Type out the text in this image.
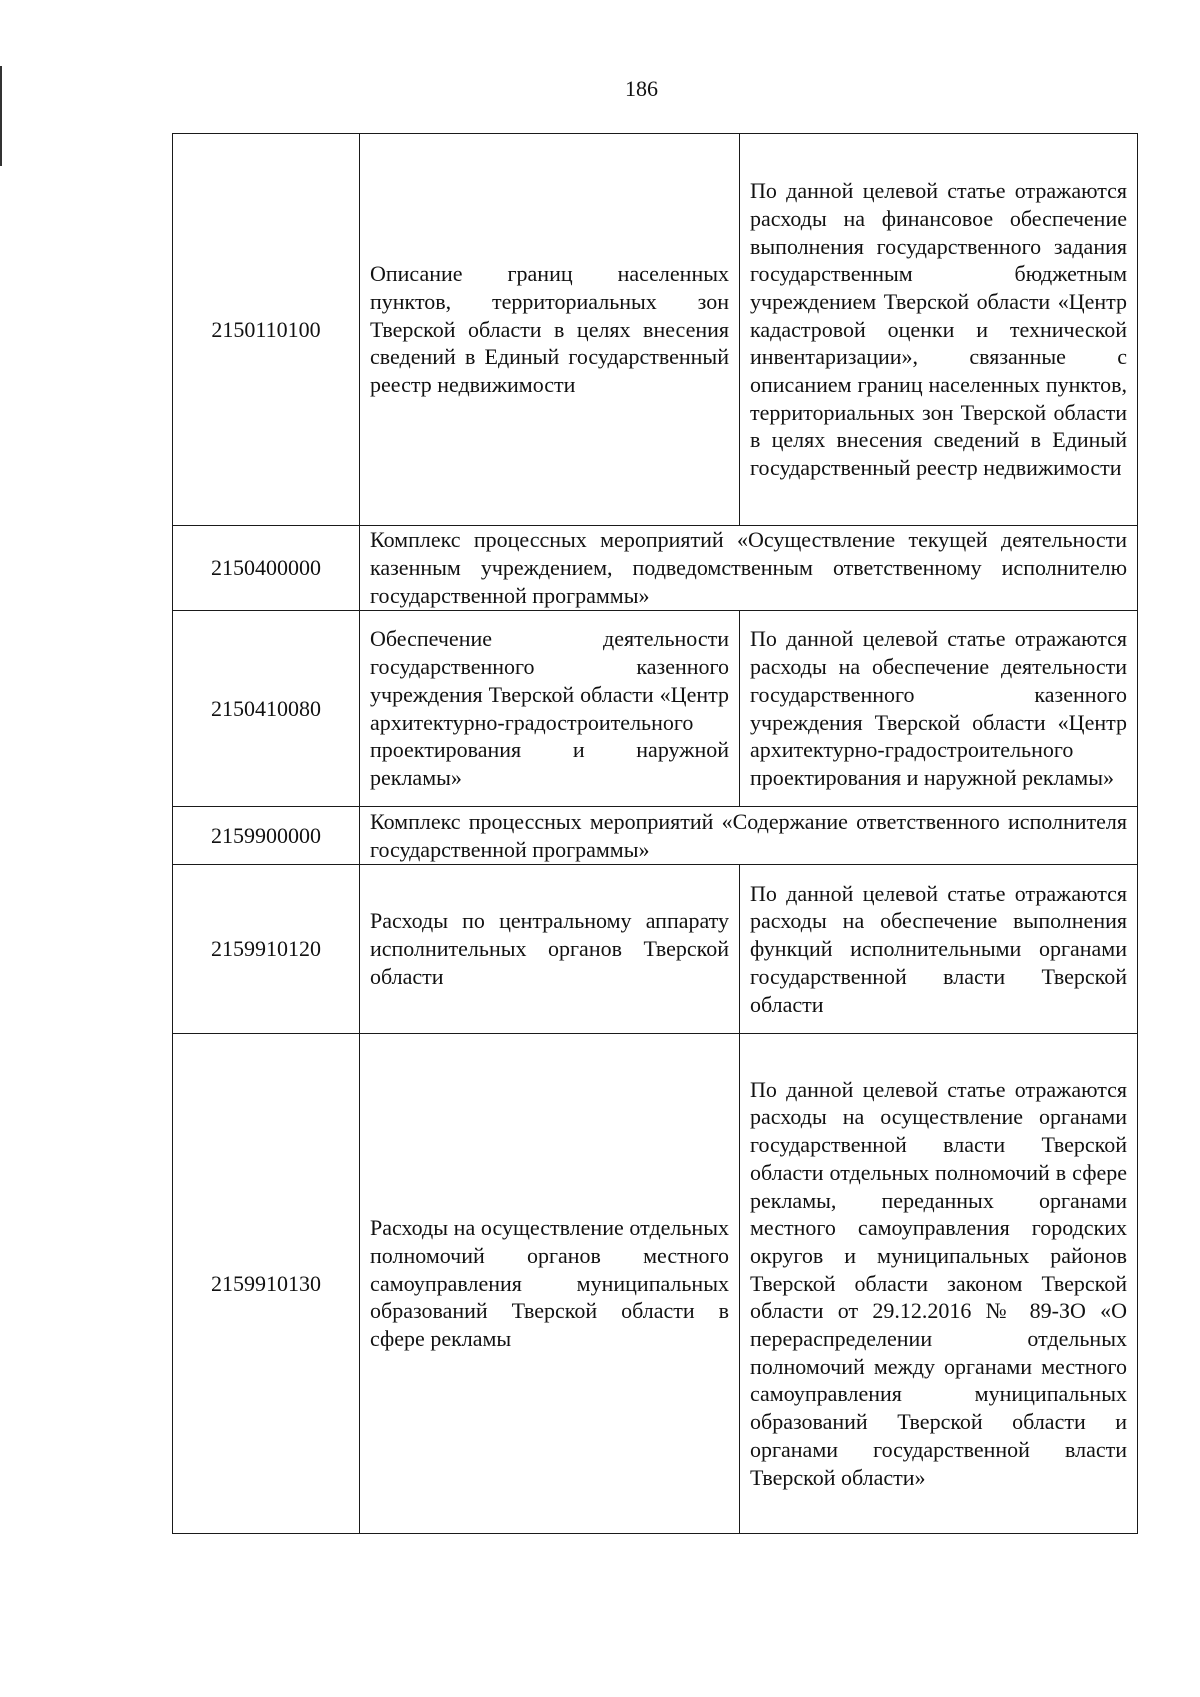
186
2150110100	Описание границ населенных пунктов, территориальных зон Тверской области в целях внесения сведений в Единый государственный реестр недвижимости	По данной целевой статье отражаются расходы на финансовое обеспечение выполнения государственного задания государственным бюджетным учреждением Тверской области «Центр кадастровой оценки и технической инвентаризации», связанные с описанием границ населенных пунктов, территориальных зон Тверской области в целях внесения сведений в Единый государственный реестр недвижимости
2150400000	Комплекс процессных мероприятий «Осуществление текущей деятельности казенным учреждением, подведомственным ответственному исполнителю государственной программы»	
2150410080	Обеспечение деятельности государственного казенного учреждения Тверской области «Центр архитектурно-градостроительного проектирования и наружной рекламы»	По данной целевой статье отражаются расходы на обеспечение деятельности государственного казенного учреждения Тверской области «Центр архитектурно-градостроительного проектирования и наружной рекламы»
2159900000	Комплекс процессных мероприятий «Содержание ответственного исполнителя государственной программы»	
2159910120	Расходы по центральному аппарату исполнительных органов Тверской области	По данной целевой статье отражаются расходы на обеспечение выполнения функций исполнительными органами государственной власти Тверской области
2159910130	Расходы на осуществление отдельных полномочий органов местного самоуправления муниципальных образований Тверской области в сфере рекламы	По данной целевой статье отражаются расходы на осуществление органами государственной власти Тверской области отдельных полномочий в сфере рекламы, переданных органами местного самоуправления городских округов и муниципальных районов Тверской области законом Тверской области от 29.12.2016 № 89-ЗО «О перераспределении отдельных полномочий между органами местного самоуправления муниципальных образований Тверской области и органами государственной власти Тверской области»
